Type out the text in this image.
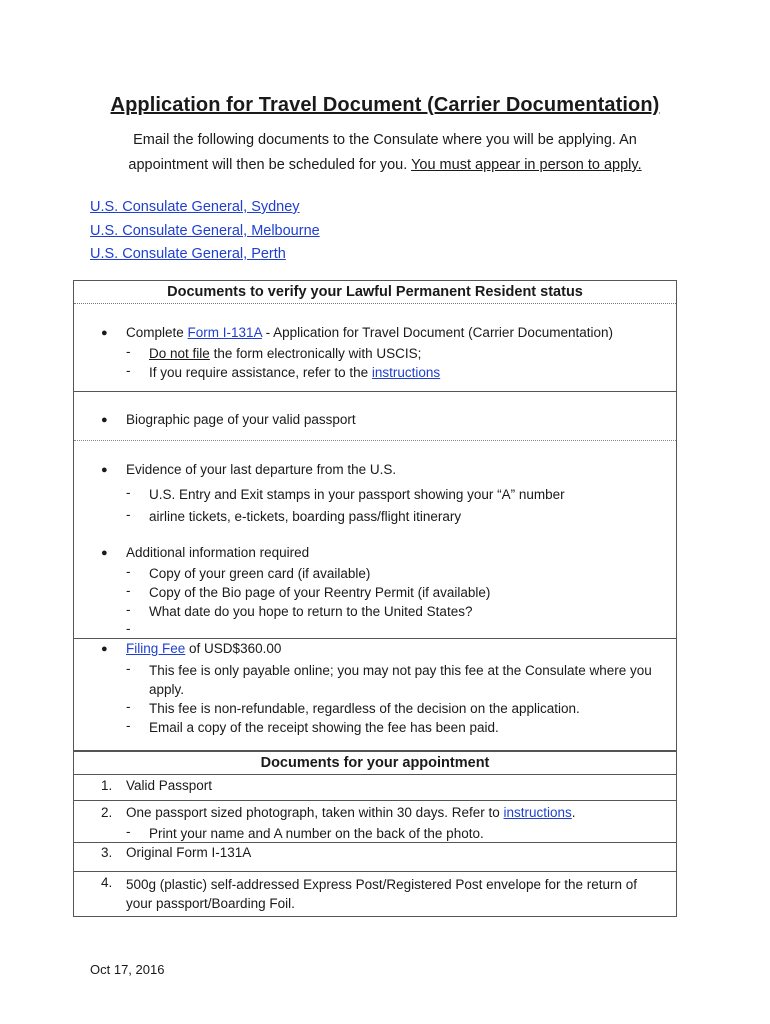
Application for Travel Document (Carrier Documentation)
Email the following documents to the Consulate where you will be applying. An appointment will then be scheduled for you. You must appear in person to apply.
U.S. Consulate General, Sydney
U.S. Consulate General, Melbourne
U.S. Consulate General, Perth
Documents to verify your Lawful Permanent Resident status
● Complete Form I-131A - Application for Travel Document (Carrier Documentation)
- Do not file the form electronically with USCIS;
- If you require assistance, refer to the instructions
● Biographic page of your valid passport
● Evidence of your last departure from the U.S.
- U.S. Entry and Exit stamps in your passport showing your “A” number
- airline tickets, e-tickets, boarding pass/flight itinerary
● Additional information required
- Copy of your green card (if available)
- Copy of the Bio page of your Reentry Permit (if available)
- What date do you hope to return to the United States?
-
● Filing Fee of USD$360.00
- This fee is only payable online; you may not pay this fee at the Consulate where you apply.
- This fee is non-refundable, regardless of the decision on the application.
- Email a copy of the receipt showing the fee has been paid.
Documents for your appointment
1. Valid Passport
2. One passport sized photograph, taken within 30 days. Refer to instructions.
- Print your name and A number on the back of the photo.
3. Original Form I-131A
4. 500g (plastic) self-addressed Express Post/Registered Post envelope for the return of your passport/Boarding Foil.
Oct 17, 2016
